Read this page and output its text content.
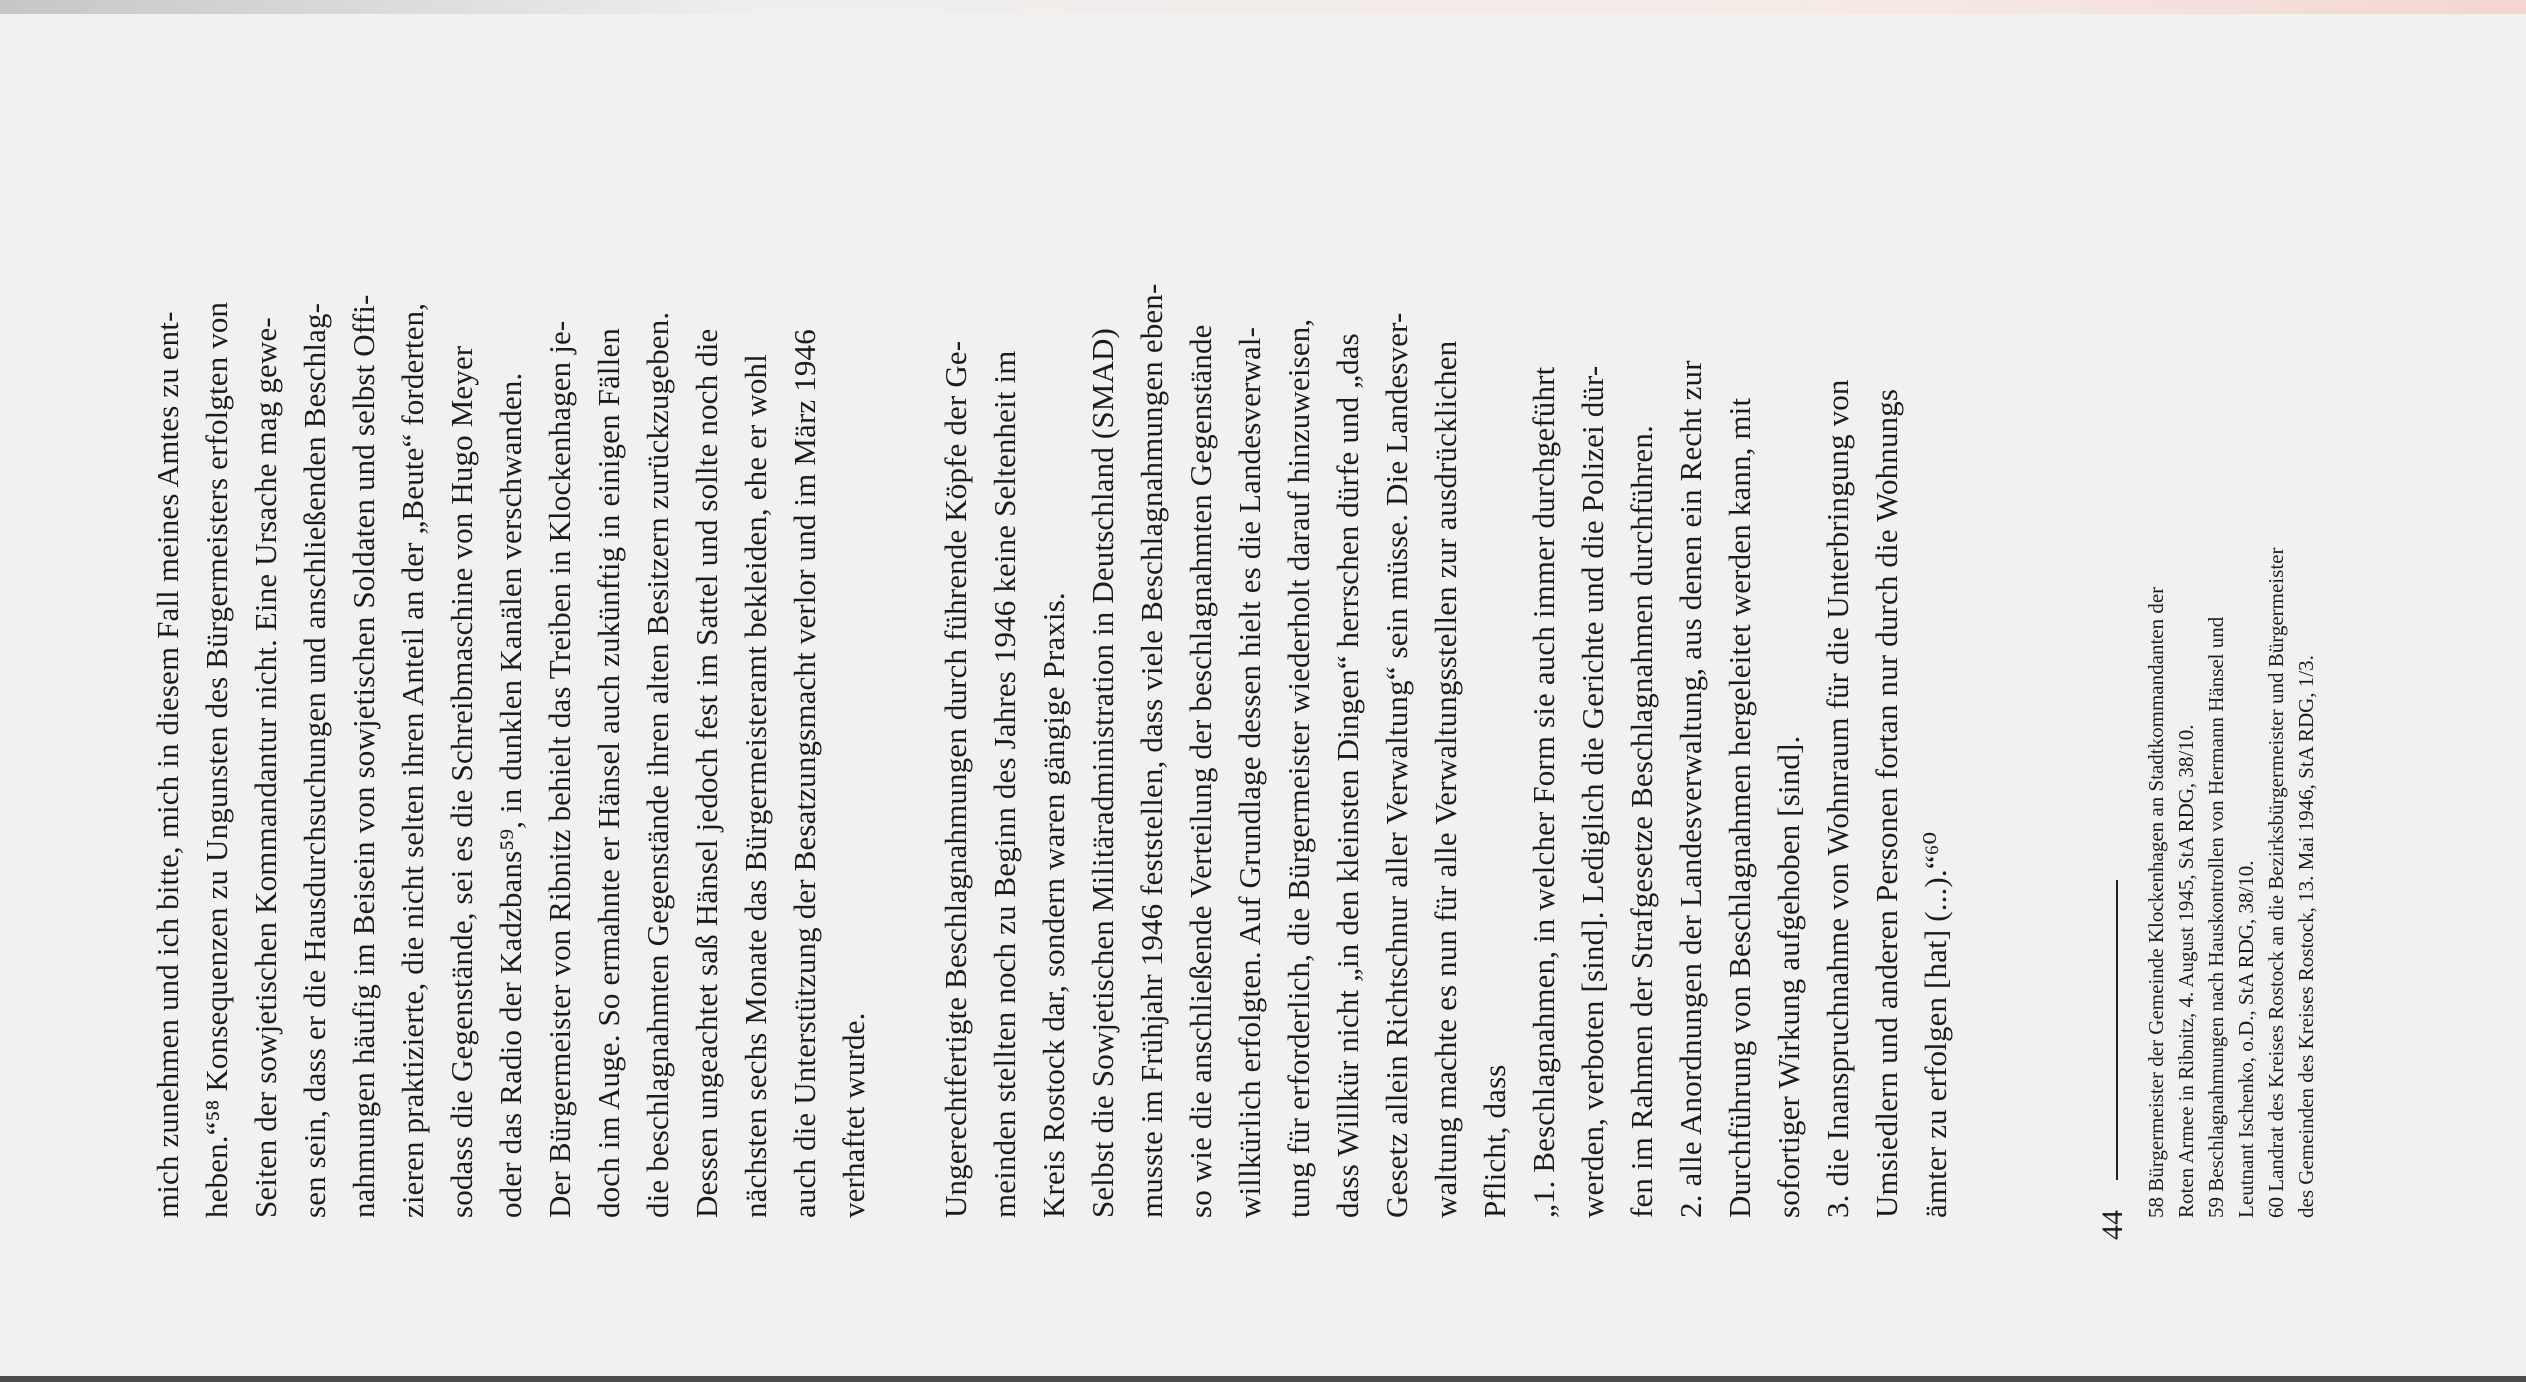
mich zunehmen und ich bitte, mich in diesem Fall meines Amtes zu ent- heben.“⁵⁸ Konsequenzen zu Ungunsten des Bürgermeisters erfolgten von Seiten der sowjetischen Kommandantur nicht. Eine Ursache mag gewe- sen sein, dass er die Hausdurchsuchungen und anschließenden Beschlag- nahmungen häufig im Beisein von sowjetischen Soldaten und selbst Offi- zieren praktizierte, die nicht selten ihren Anteil an der „Beute“ forderten, sodass die Gegenstände, sei es die Schreibmaschine von Hugo Meyer oder das Radio der Kadzbans⁵⁹, in dunklen Kanälen verschwanden. Der Bürgermeister von Ribnitz behielt das Treiben in Klockenhagen je- doch im Auge. So ermahnte er Hänsel auch zukünftig in einigen Fällen die beschlagnahmten Gegenstände ihren alten Besitzern zurückzugeben. Dessen ungeachtet saß Hänsel jedoch fest im Sattel und sollte noch die nächsten sechs Monate das Bürgermeisteramt bekleiden, ehe er wohl auch die Unterstützung der Besatzungsmacht verlor und im März 1946 verhaftet wurde. Ungerechtfertigte Beschlagnahmungen durch führende Köpfe der Ge- meinden stellten noch zu Beginn des Jahres 1946 keine Seltenheit im Kreis Rostock dar, sondern waren gängige Praxis. Selbst die Sowjetischen Militäradministration in Deutschland (SMAD) musste im Frühjahr 1946 feststellen, dass viele Beschlagnahmungen eben- so wie die anschließende Verteilung der beschlagnahmten Gegenstände willkürlich erfolgten. Auf Grundlage dessen hielt es die Landesverwal- tung für erforderlich, die Bürgermeister wiederholt darauf hinzuweisen, dass Willkür nicht „in den kleinsten Dingen“ herrschen dürfe und „das Gesetz allein Richtschnur aller Verwaltung“ sein müsse. Die Landesver- waltung machte es nun für alle Verwaltungsstellen zur ausdrücklichen Pflicht, dass „1. Beschlagnahmen, in welcher Form sie auch immer durchgeführt werden, verboten [sind]. Lediglich die Gerichte und die Polizei dür- fen im Rahmen der Strafgesetze Beschlagnahmen durchführen. 2. alle Anordnungen der Landesverwaltung, aus denen ein Recht zur Durchführung von Beschlagnahmen hergeleitet werden kann, mit sofortiger Wirkung aufgehoben [sind]. 3. die Inanspruchnahme von Wohnraum für die Unterbringung von Umsiedlern und anderen Personen fortan nur durch die Wohnungs ämter zu erfolgen [hat] (...).“⁶⁰	58 Bürgermeister der Gemeinde Klockenhagen an Stadtkommandanten der Roten Armee in Ribnitz, 4. August 1945, StA RDG, 38/10. 59 Beschlagnahmungen nach Hauskontrollen von Hermann Hänsel und Leutnant Ischenko, o.D., StA RDG, 38/10. 60 Landrat des Kreises Rostock an die Bezirksbürgermeister und Bürgermeister des Gemeinden des Kreises Rostock, 13. Mai 1946, StA RDG, 1/3.
44
